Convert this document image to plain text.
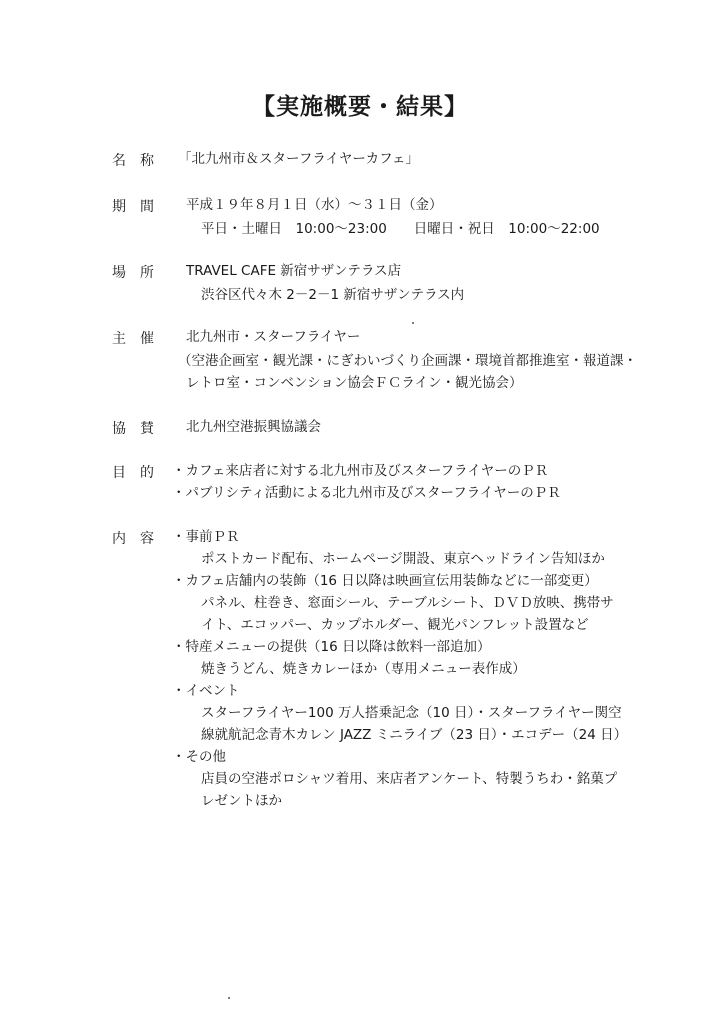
【実施概要・結果】
名　称 「北九州市＆スターフライヤーカフェ」
期　間 平成１９年８月１日（水）～３１日（金）
平日・土曜日　10:00～23:00　　日曜日・祝日　10:00～22:00
場　所 TRAVEL CAFE 新宿サザンテラス店
渋谷区代々木 2－2－1 新宿サザンテラス内
主　催 北九州市・スターフライヤー
（空港企画室・観光課・にぎわいづくり企画課・環境首都推進室・報道課・
レトロ室・コンベンション協会ＦＣライン・観光協会）
協　賛 北九州空港振興協議会
目　的 ・カフェ来店者に対する北九州市及びスターフライヤーのＰＲ
・パブリシティ活動による北九州市及びスターフライヤーのＰＲ
内　容 ・事前ＰＲ
ポストカード配布、ホームページ開設、東京ヘッドライン告知ほか
・カフェ店舗内の装飾（16 日以降は映画宣伝用装飾などに一部変更）
パネル、柱巻き、窓面シール、テーブルシート、ＤＶＤ放映、携帯サ
イト、エコッパー、カップホルダー、観光パンフレット設置など
・特産メニューの提供（16 日以降は飲料一部追加）
焼きうどん、焼きカレーほか（専用メニュー表作成）
・イベント
スターフライヤー100 万人搭乗記念（10 日）・スターフライヤー関空
線就航記念青木カレン JAZZ ミニライブ（23 日）・エコデー（24 日）
・その他
店員の空港ポロシャツ着用、来店者アンケート、特製うちわ・銘菓プ
レゼントほか
